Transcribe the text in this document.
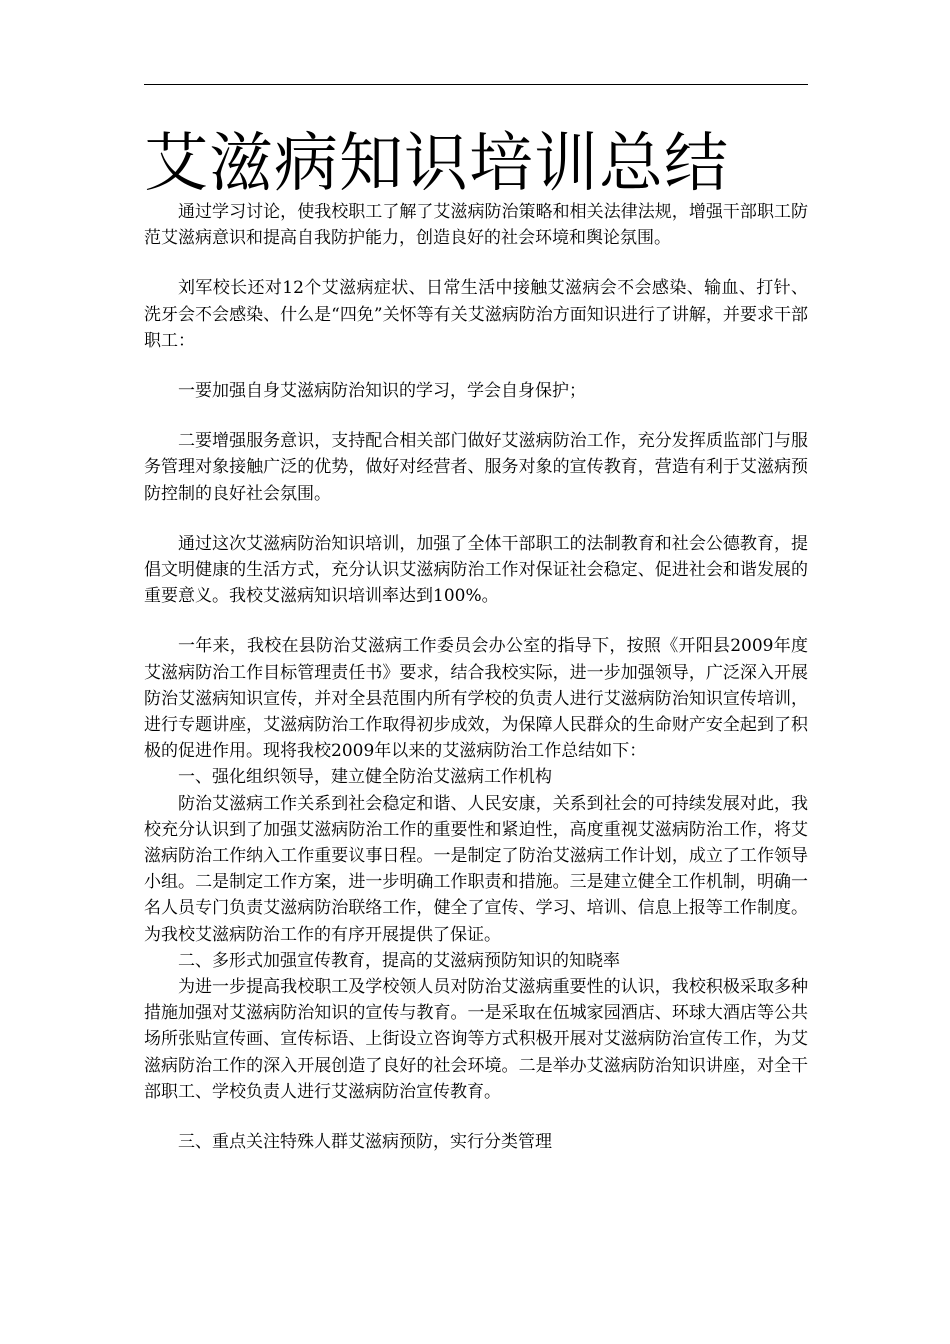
艾滋病知识培训总结

通过学习讨论，使我校职工了解了艾滋病防治策略和相关法律法规，增强干部职工防范艾滋病意识和提高自我防护能力，创造良好的社会环境和舆论氛围。

刘军校长还对12个艾滋病症状、日常生活中接触艾滋病会不会感染、输血、打针、洗牙会不会感染、什么是“四免”关怀等有关艾滋病防治方面知识进行了讲解，并要求干部职工：

一要加强自身艾滋病防治知识的学习，学会自身保护；

二要增强服务意识，支持配合相关部门做好艾滋病防治工作，充分发挥质监部门与服务管理对象接触广泛的优势，做好对经营者、服务对象的宣传教育，营造有利于艾滋病预防控制的良好社会氛围。

通过这次艾滋病防治知识培训，加强了全体干部职工的法制教育和社会公德教育，提倡文明健康的生活方式，充分认识艾滋病防治工作对保证社会稳定、促进社会和谐发展的重要意义。我校艾滋病知识培训率达到100%。

一年来，我校在县防治艾滋病工作委员会办公室的指导下，按照《开阳县2009年度艾滋病防治工作目标管理责任书》要求，结合我校实际，进一步加强领导，广泛深入开展防治艾滋病知识宣传，并对全县范围内所有学校的负责人进行艾滋病防治知识宣传培训，进行专题讲座，艾滋病防治工作取得初步成效，为保障人民群众的生命财产安全起到了积极的促进作用。现将我校2009年以来的艾滋病防治工作总结如下：

一、强化组织领导，建立健全防治艾滋病工作机构

防治艾滋病工作关系到社会稳定和谐、人民安康，关系到社会的可持续发展对此，我校充分认识到了加强艾滋病防治工作的重要性和紧迫性，高度重视艾滋病防治工作，将艾滋病防治工作纳入工作重要议事日程。一是制定了防治艾滋病工作计划，成立了工作领导小组。二是制定工作方案，进一步明确工作职责和措施。三是建立健全工作机制，明确一名人员专门负责艾滋病防治联络工作，健全了宣传、学习、培训、信息上报等工作制度。为我校艾滋病防治工作的有序开展提供了保证。

二、多形式加强宣传教育，提高的艾滋病预防知识的知晓率

为进一步提高我校职工及学校领人员对防治艾滋病重要性的认识，我校积极采取多种措施加强对艾滋病防治知识的宣传与教育。一是采取在伍城家园酒店、环球大酒店等公共场所张贴宣传画、宣传标语、上街设立咨询等方式积极开展对艾滋病防治宣传工作，为艾滋病防治工作的深入开展创造了良好的社会环境。二是举办艾滋病防治知识讲座，对全干部职工、学校负责人进行艾滋病防治宣传教育。

三、重点关注特殊人群艾滋病预防，实行分类管理
